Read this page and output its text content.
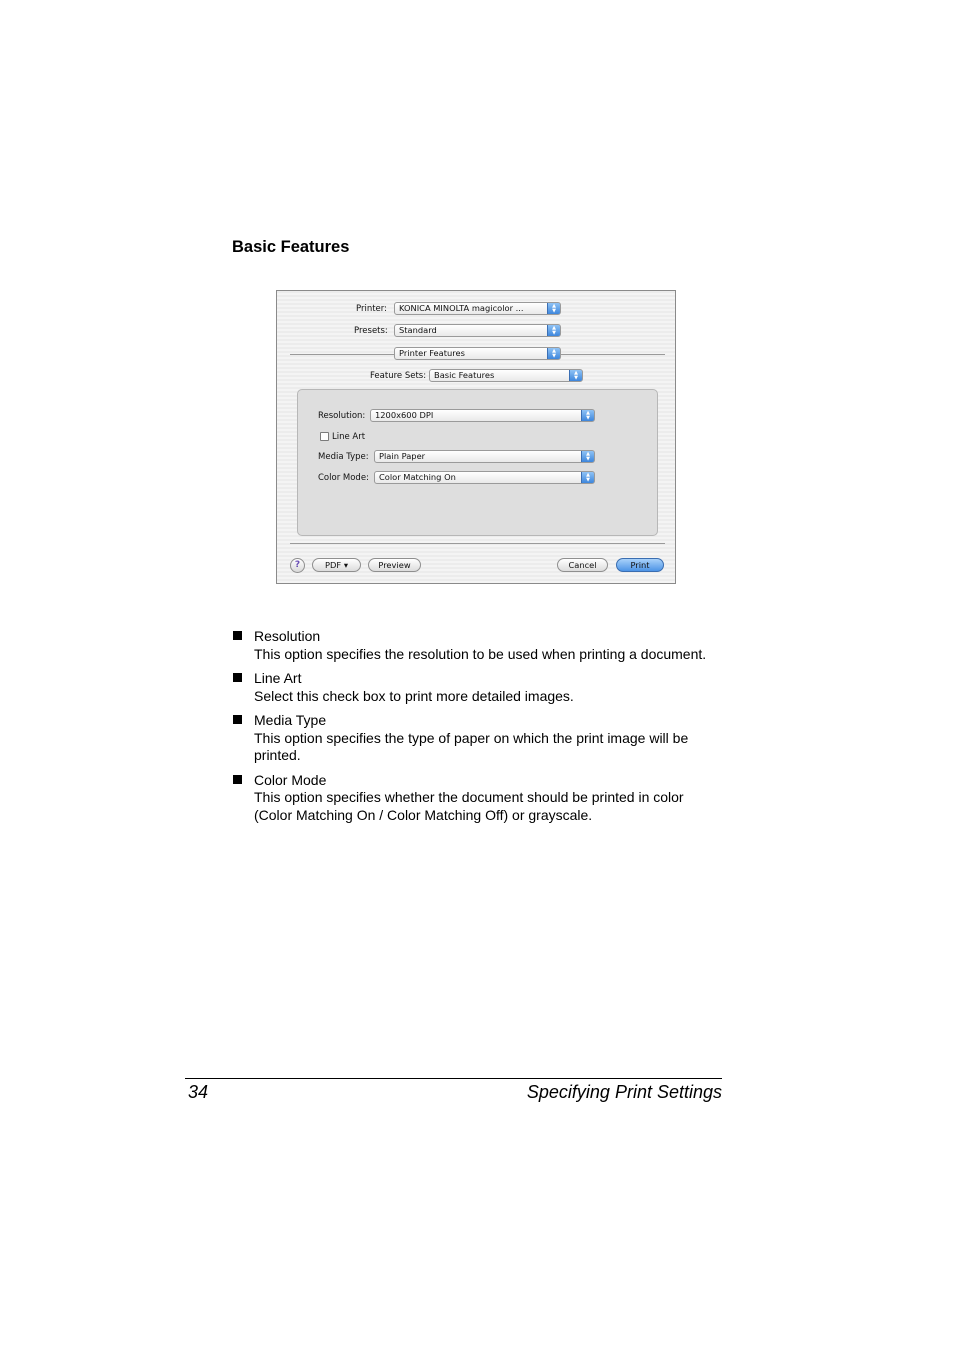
Basic Features
Printer:	KONICA MINOLTA magicolor ...	▲
▼
Presets:	Standard	▲
▼
Printer Features	▲
▼
Feature Sets: Basic Features	▲
▼
Resolution:	1200x600 DPI	▲
▼
Line Art
Media Type:	Plain Paper	▲
▼
Color Mode:	Color Matching On	▲
▼
?	PDF ▾	Preview	Cancel	Print
Resolution
This option specifies the resolution to be used when printing a document.
Line Art
Select this check box to print more detailed images.
Media Type
This option specifies the type of paper on which the print image will be printed.
Color Mode
This option specifies whether the document should be printed in color (Color Matching On / Color Matching Off) or grayscale.
34	Specifying Print Settings
